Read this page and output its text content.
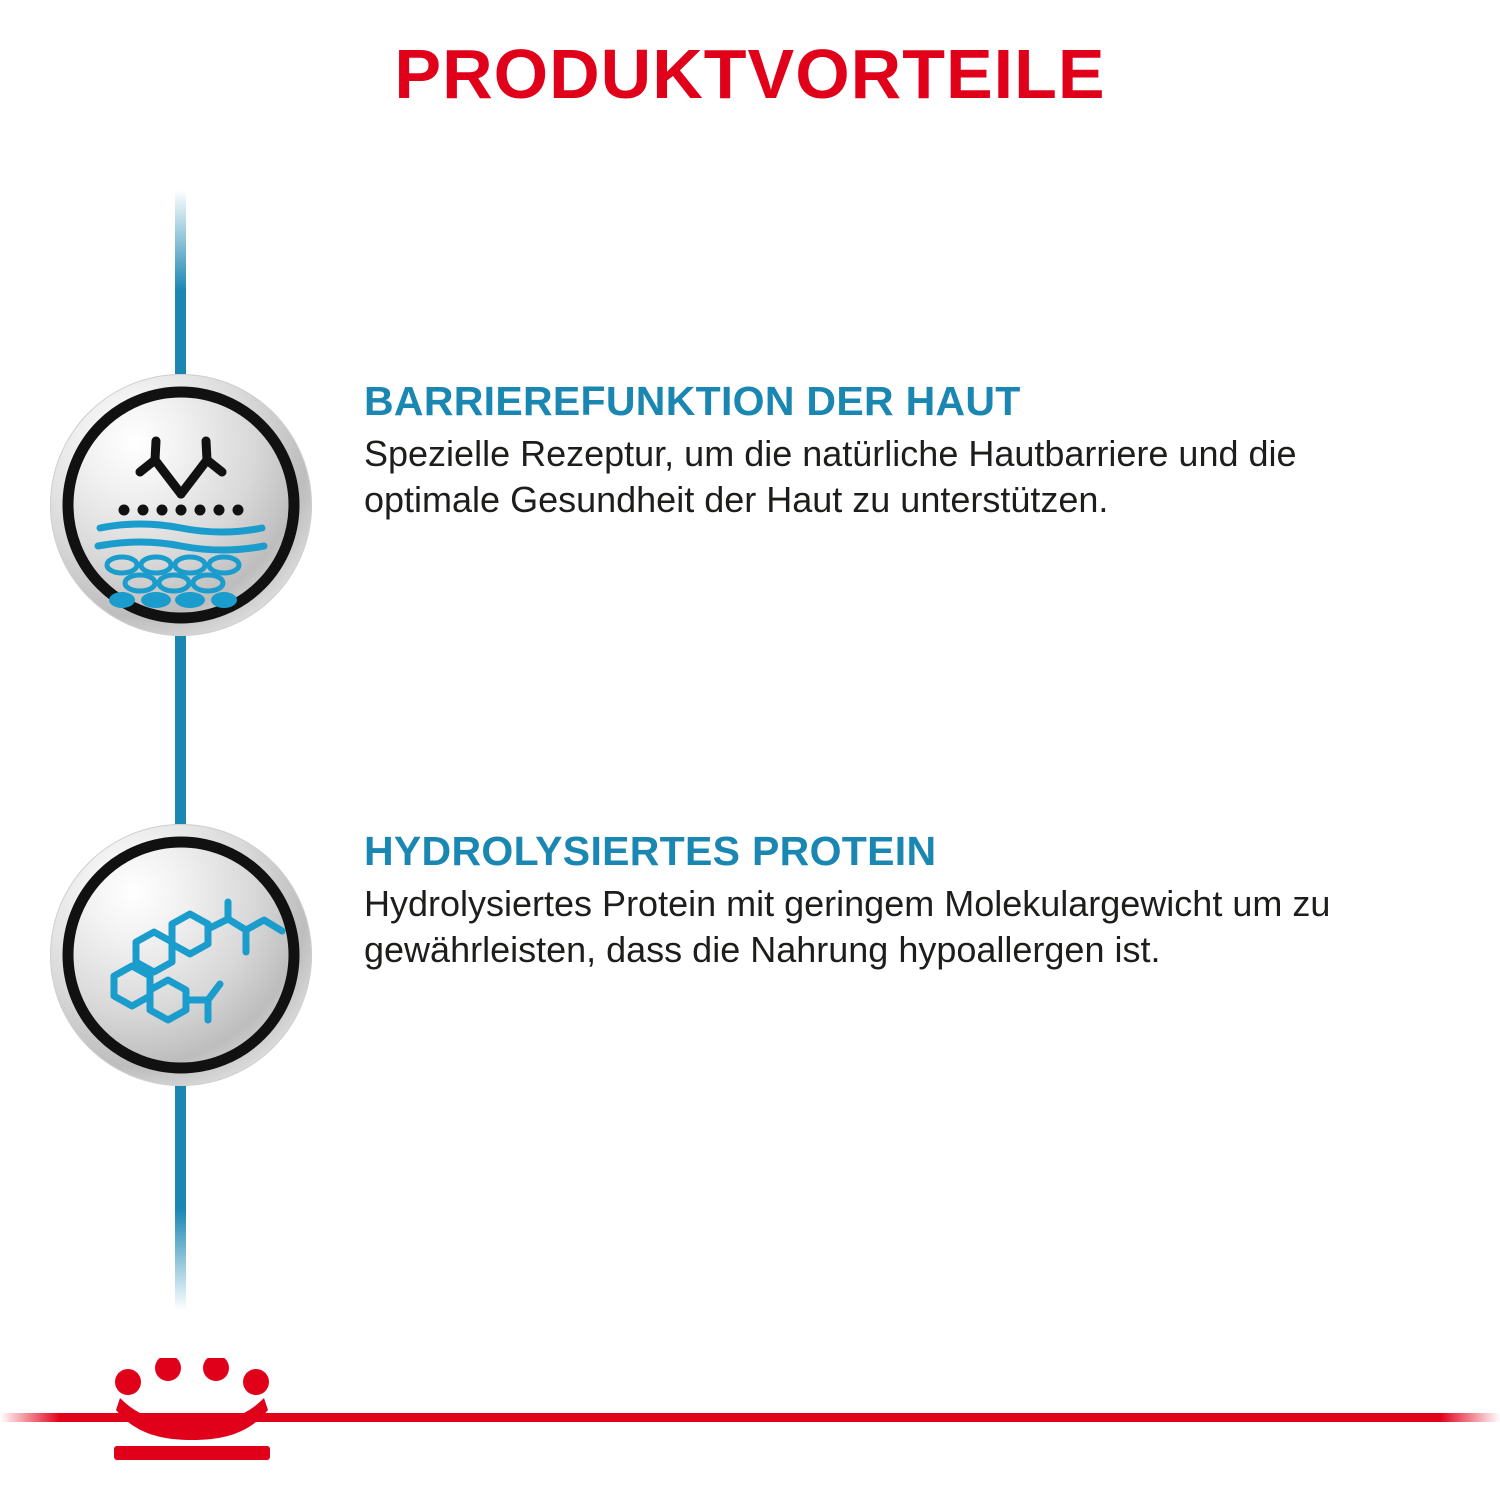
PRODUKTVORTEILE

BARRIEREFUNKTION DER HAUT

Spezielle Rezeptur, um die natürliche Hautbarriere und die optimale Gesundheit der Haut zu unterstützen.

HYDROLYSIERTES PROTEIN

Hydrolysiertes Protein mit geringem Molekulargewicht um zu gewährleisten, dass die Nahrung hypoallergen ist.
